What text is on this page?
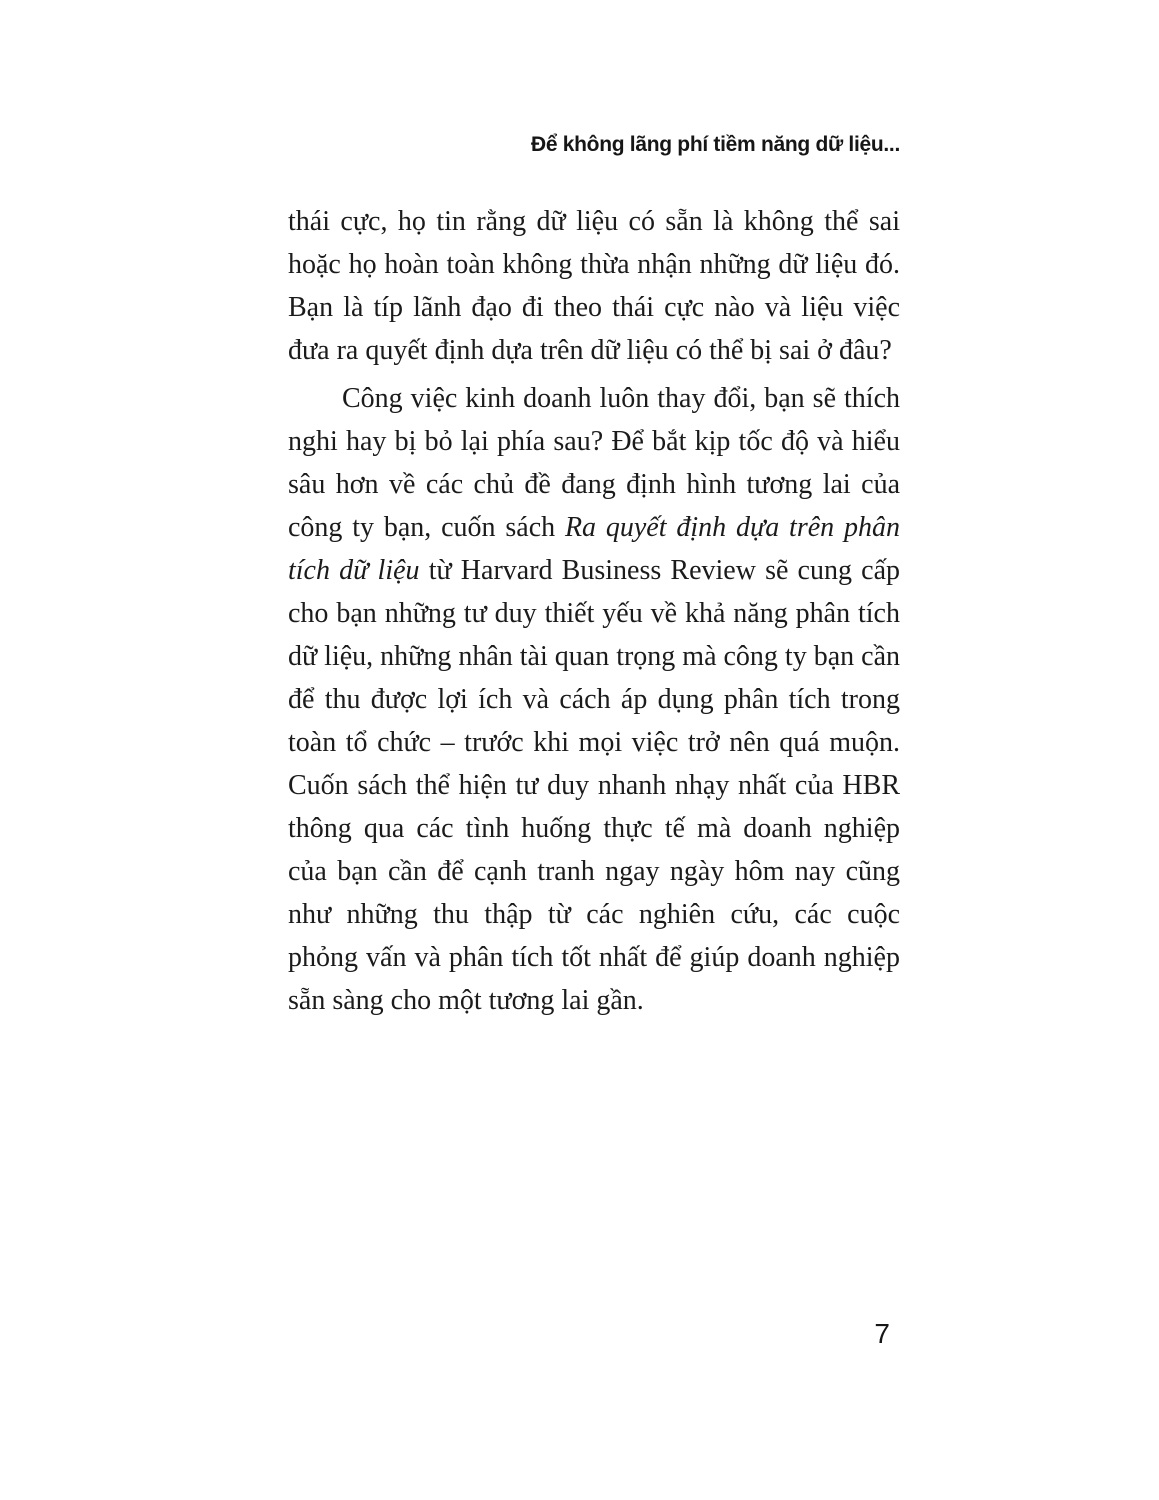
Để không lãng phí tiềm năng dữ liệu...

thái cực, họ tin rằng dữ liệu có sẵn là không thể sai hoặc họ hoàn toàn không thừa nhận những dữ liệu đó. Bạn là típ lãnh đạo đi theo thái cực nào và liệu việc đưa ra quyết định dựa trên dữ liệu có thể bị sai ở đâu?

Công việc kinh doanh luôn thay đổi, bạn sẽ thích nghi hay bị bỏ lại phía sau? Để bắt kịp tốc độ và hiểu sâu hơn về các chủ đề đang định hình tương lai của công ty bạn, cuốn sách Ra quyết định dựa trên phân tích dữ liệu từ Harvard Business Review sẽ cung cấp cho bạn những tư duy thiết yếu về khả năng phân tích dữ liệu, những nhân tài quan trọng mà công ty bạn cần để thu được lợi ích và cách áp dụng phân tích trong toàn tổ chức – trước khi mọi việc trở nên quá muộn. Cuốn sách thể hiện tư duy nhanh nhạy nhất của HBR thông qua các tình huống thực tế mà doanh nghiệp của bạn cần để cạnh tranh ngay ngày hôm nay cũng như những thu thập từ các nghiên cứu, các cuộc phỏng vấn và phân tích tốt nhất để giúp doanh nghiệp sẵn sàng cho một tương lai gần.

7
